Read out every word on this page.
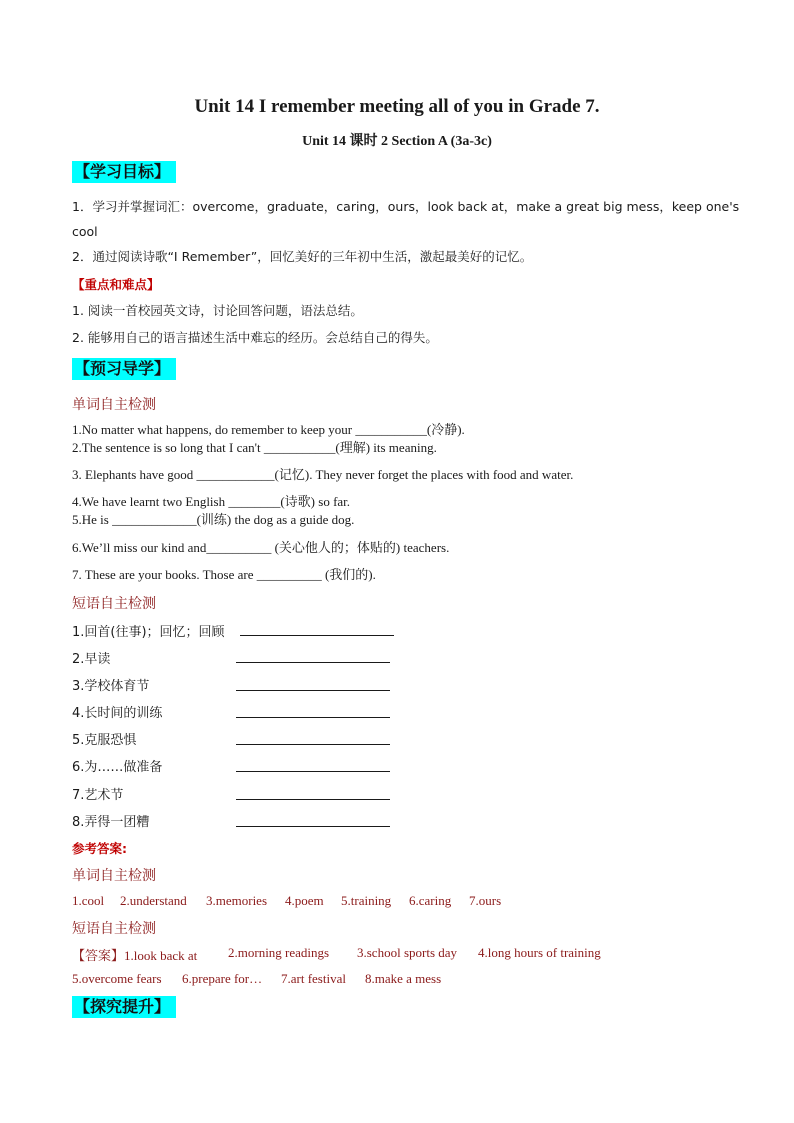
Unit 14 I remember meeting all of you in Grade 7.
Unit 14 课时 2 Section A (3a-3c)
【学习目标】
1．学习并掌握词汇：overcome，graduate，caring，ours，look back at，make a great big mess，keep one's
cool
2．通过阅读诗歌“I Remember”，回忆美好的三年初中生活，激起最美好的记忆。
【重点和难点】
1. 阅读一首校园英文诗，讨论回答问题，语法总结。
2. 能够用自己的语言描述生活中难忘的经历。会总结自己的得失。
【预习导学】
单词自主检测
1.No matter what happens, do remember to keep your ___________(冷静).
2.The sentence is so long that I can't ___________(理解) its meaning.
3. Elephants have good ____________(记忆). They never forget the places with food and water.
4.We have learnt two English ________(诗歌) so far.
5.He is _____________(训练) the dog as a guide dog.
6.We’ll miss our kind and__________ (关心他人的；体贴的) teachers.
7. These are your books. Those are __________ (我们的).
短语自主检测
1.回首(往事)；回忆；回顾
2.早读
3.学校体育节
4.长时间的训练
5.克服恐惧
6.为……做准备
7.艺术节
8.弄得一团糟
参考答案:
单词自主检测
1.cool 2.understand 3.memories 4.poem 5.training 6.caring 7.ours
短语自主检测
【答案】1.look back at 2.morning readings 3.school sports day 4.long hours of training
5.overcome fears 6.prepare for… 7.art festival 8.make a mess
【探究提升】
